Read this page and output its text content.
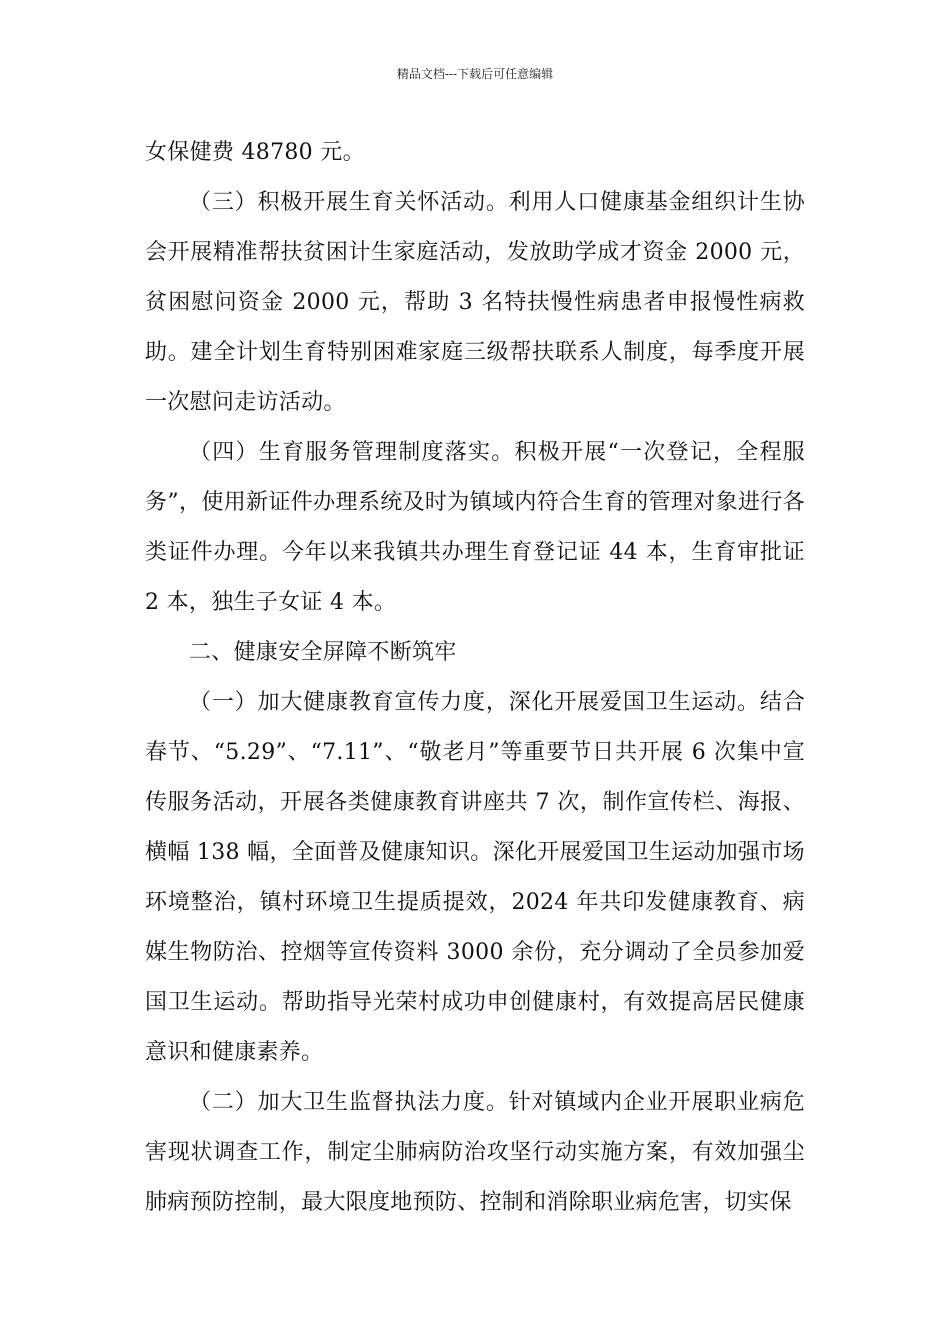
精品文档---下载后可任意编辑

女保健费 48780 元。

（三）积极开展生育关怀活动。利用人口健康基金组织计生协会开展精准帮扶贫困计生家庭活动，发放助学成才资金 2000 元，贫困慰问资金 2000 元，帮助 3 名特扶慢性病患者申报慢性病救助。建全计划生育特别困难家庭三级帮扶联系人制度，每季度开展一次慰问走访活动。

（四）生育服务管理制度落实。积极开展“一次登记，全程服务”，使用新证件办理系统及时为镇域内符合生育的管理对象进行各类证件办理。今年以来我镇共办理生育登记证 44 本，生育审批证 2 本，独生子女证 4 本。

二、健康安全屏障不断筑牢

（一）加大健康教育宣传力度，深化开展爱国卫生运动。结合春节、“5.29”、“7.11”、“敬老月”等重要节日共开展 6 次集中宣传服务活动，开展各类健康教育讲座共 7 次，制作宣传栏、海报、横幅 138 幅，全面普及健康知识。深化开展爱国卫生运动加强市场环境整治，镇村环境卫生提质提效，2024 年共印发健康教育、病媒生物防治、控烟等宣传资料 3000 余份，充分调动了全员参加爱国卫生运动。帮助指导光荣村成功申创健康村，有效提高居民健康意识和健康素养。

（二）加大卫生监督执法力度。针对镇域内企业开展职业病危害现状调查工作，制定尘肺病防治攻坚行动实施方案，有效加强尘肺病预防控制，最大限度地预防、控制和消除职业病危害，切实保
